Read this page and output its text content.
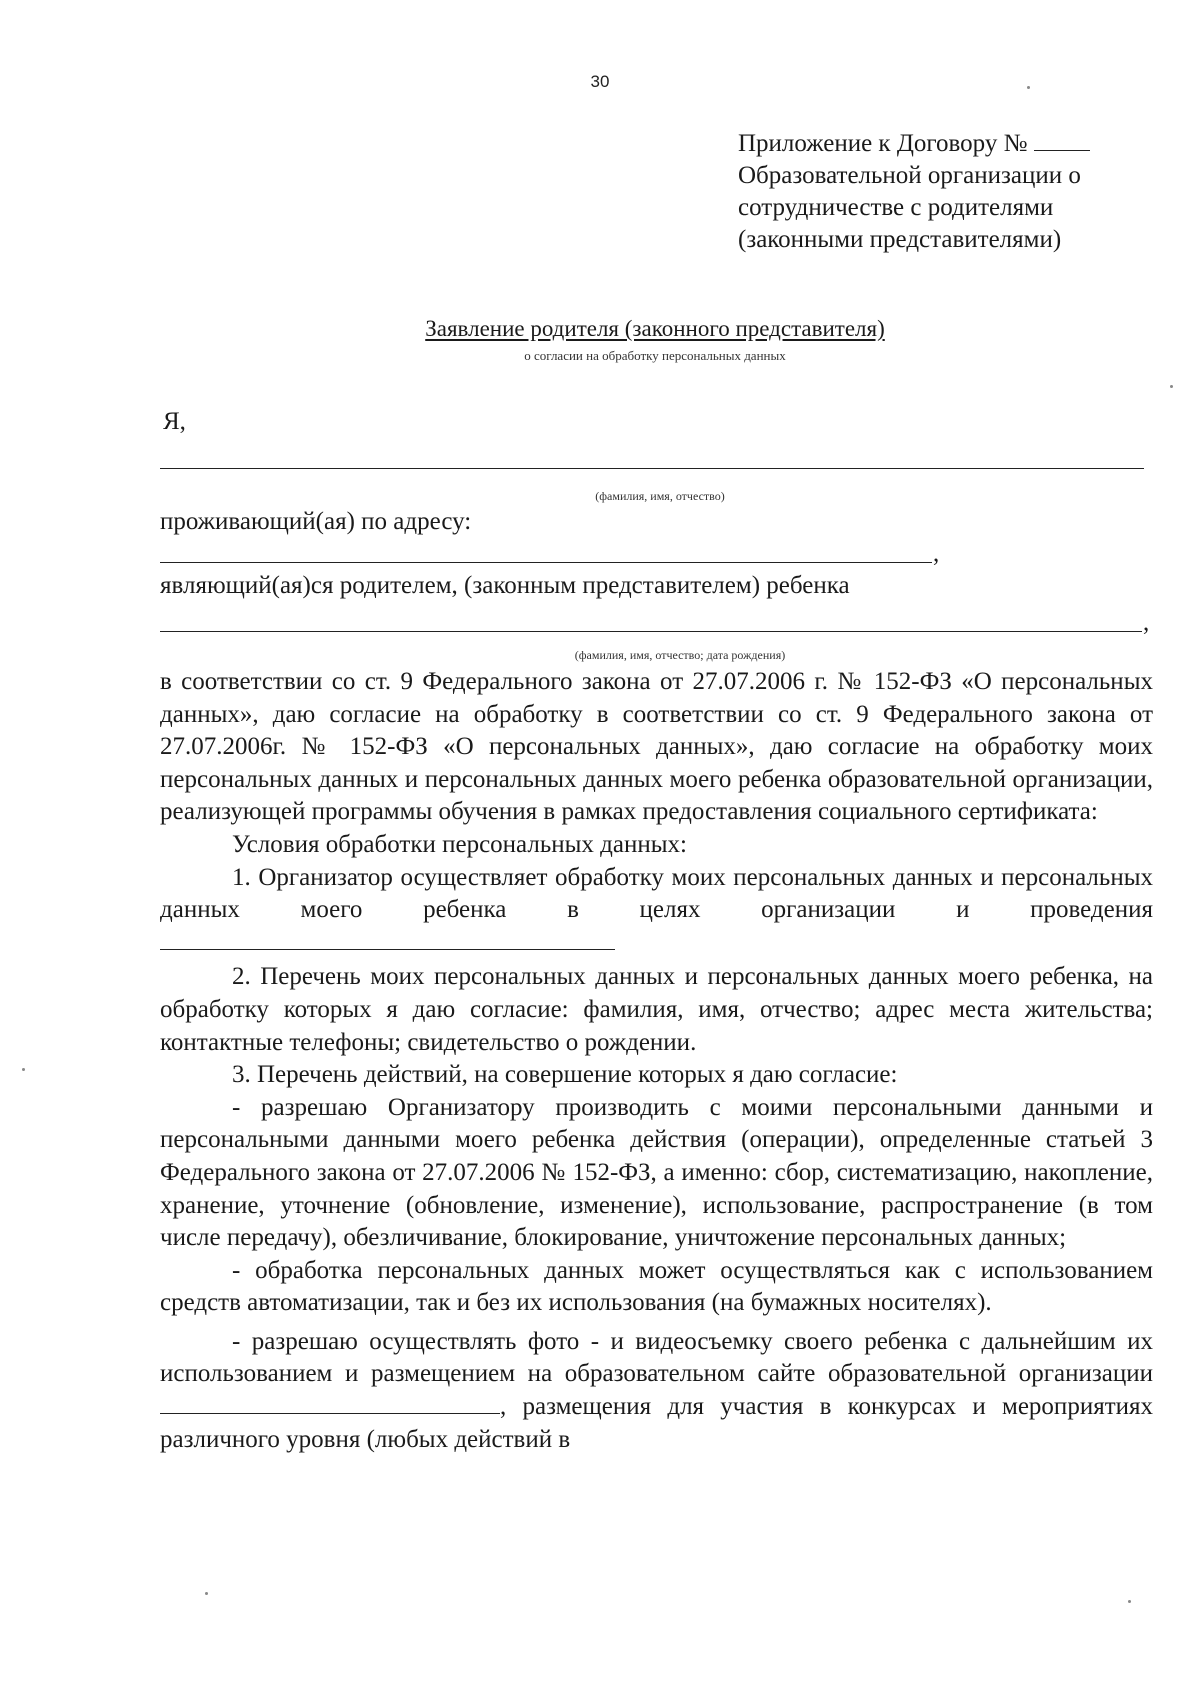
30
Приложение к Договору №
Образовательной организации о
сотрудничестве с родителями
(законными представителями)
Заявление родителя (законного представителя)
о согласии на обработку персональных данных
Я,
(фамилия, имя, отчество)
проживающий(ая) по адресу:
,
являющий(ая)ся родителем, (законным представителем) ребенка
,
(фамилия, имя, отчество; дата рождения)

в соответствии со ст. 9 Федерального закона от 27.07.2006 г. № 152-ФЗ «О персональных данных», даю согласие на обработку в соответствии со ст. 9 Федерального закона от 27.07.2006г. № 152-ФЗ «О персональных данных», даю согласие на обработку моих персональных данных и персональных данных моего ребенка образовательной организации, реализующей программы обучения в рамках предоставления социального сертификата:

Условия обработки персональных данных:

1. Организатор осуществляет обработку моих персональных данных и персональных данных моего ребенка в целях организации и проведения

2. Перечень моих персональных данных и персональных данных моего ребенка, на обработку которых я даю согласие: фамилия, имя, отчество; адрес места жительства; контактные телефоны; свидетельство о рождении.

3. Перечень действий, на совершение которых я даю согласие:

- разрешаю Организатору производить с моими персональными данными и персональными данными моего ребенка действия (операции), определенные статьей 3 Федерального закона от 27.07.2006 № 152-ФЗ, а именно: сбор, систематизацию, накопление, хранение, уточнение (обновление, изменение), использование, распространение (в том числе передачу), обезличивание, блокирование, уничтожение персональных данных;

- обработка персональных данных может осуществляться как с использованием средств автоматизации, так и без их использования (на бумажных носителях).

- разрешаю осуществлять фото - и видеосъемку своего ребенка с дальнейшим их использованием и размещением на образовательном сайте образовательной организации , размещения для участия в конкурсах и мероприятиях различного уровня (любых действий в
